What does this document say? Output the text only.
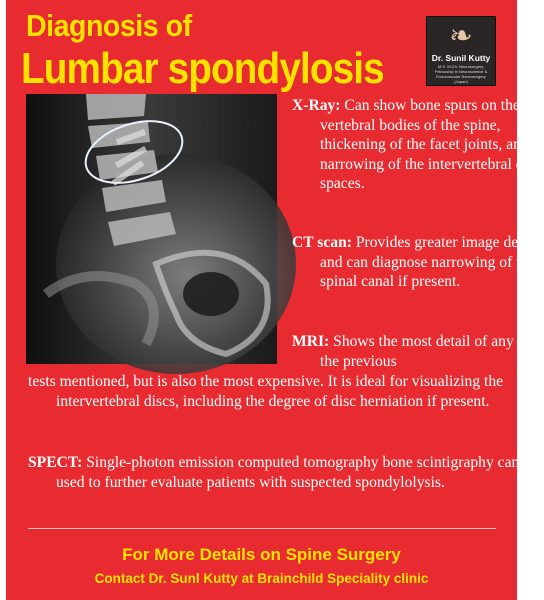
Diagnosis of
Lumbar spondylosis
❧
Dr. Sunil Kutty
M.S. M.Ch. Neurosurgery, Fellowship in Neuroscience & Endovascular Neurosurgery (Japan)
X-Ray: Can show bone spurs on the vertebral bodies of the spine, thickening of the facet joints, and narrowing of the intervertebral disc spaces.
CT scan: Provides greater image detail and can diagnose narrowing of the spinal canal if present.
MRI: Shows the most detail of any of the previous
tests mentioned, but is also the most expensive. It is ideal for visualizing the intervertebral discs, including the degree of disc herniation if present.
SPECT: Single-photon emission computed tomography bone scintigraphy can be used to further evaluate patients with suspected spondylolysis.
For More Details on Spine Surgery
Contact Dr. Sunl Kutty at Brainchild Speciality clinic
